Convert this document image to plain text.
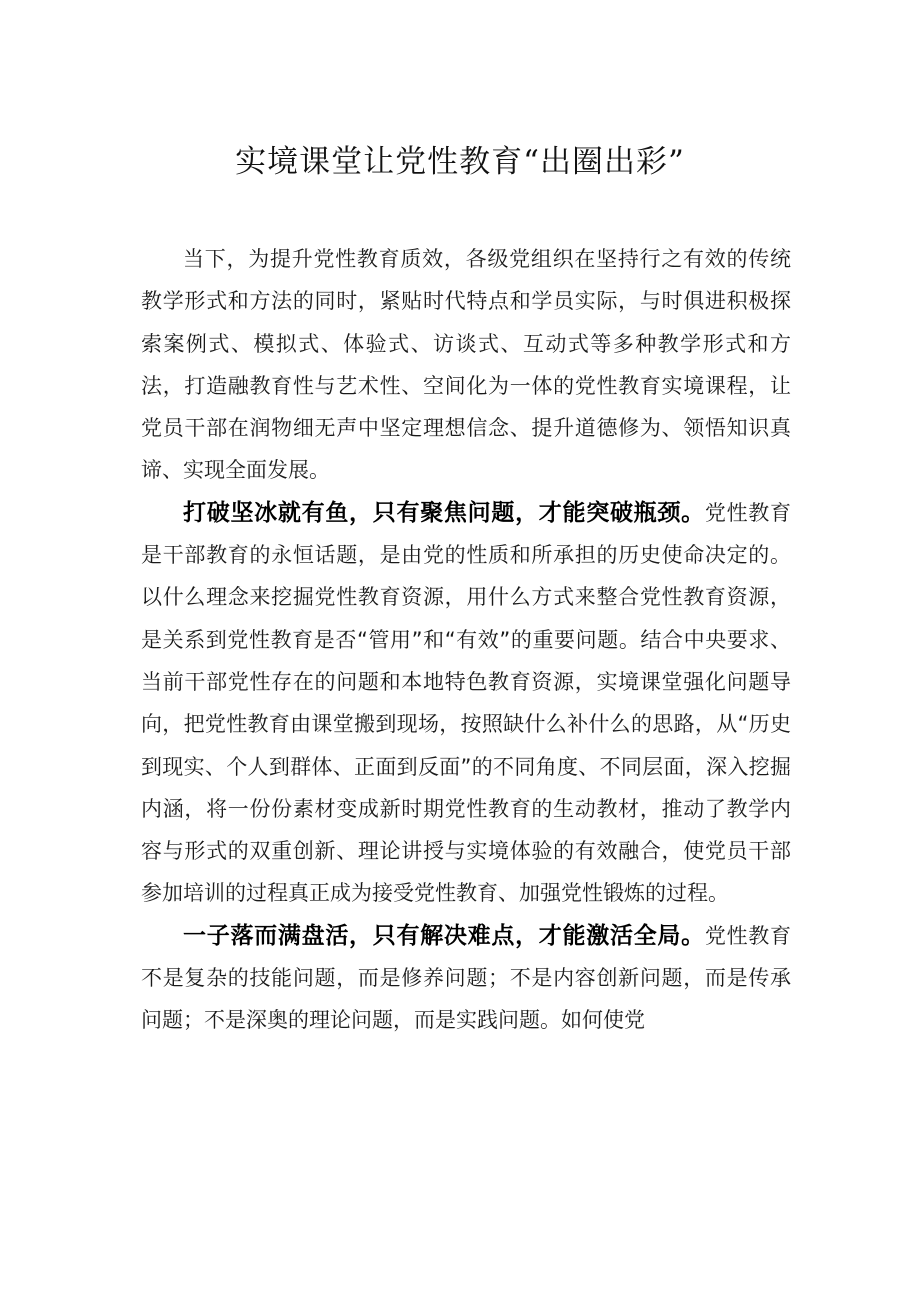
实境课堂让党性教育“出圈出彩”

当下，为提升党性教育质效，各级党组织在坚持行之有效的传统教学形式和方法的同时，紧贴时代特点和学员实际，与时俱进积极探索案例式、模拟式、体验式、访谈式、互动式等多种教学形式和方法，打造融教育性与艺术性、空间化为一体的党性教育实境课程，让党员干部在润物细无声中坚定理想信念、提升道德修为、领悟知识真谛、实现全面发展。

打破坚冰就有鱼，只有聚焦问题，才能突破瓶颈。党性教育是干部教育的永恒话题，是由党的性质和所承担的历史使命决定的。以什么理念来挖掘党性教育资源，用什么方式来整合党性教育资源，是关系到党性教育是否“管用”和“有效”的重要问题。结合中央要求、当前干部党性存在的问题和本地特色教育资源，实境课堂强化问题导向，把党性教育由课堂搬到现场，按照缺什么补什么的思路，从“历史到现实、个人到群体、正面到反面”的不同角度、不同层面，深入挖掘内涵，将一份份素材变成新时期党性教育的生动教材，推动了教学内容与形式的双重创新、理论讲授与实境体验的有效融合，使党员干部参加培训的过程真正成为接受党性教育、加强党性锻炼的过程。

一子落而满盘活，只有解决难点，才能激活全局。党性教育不是复杂的技能问题，而是修养问题；不是内容创新问题，而是传承问题；不是深奥的理论问题，而是实践问题。如何使党
